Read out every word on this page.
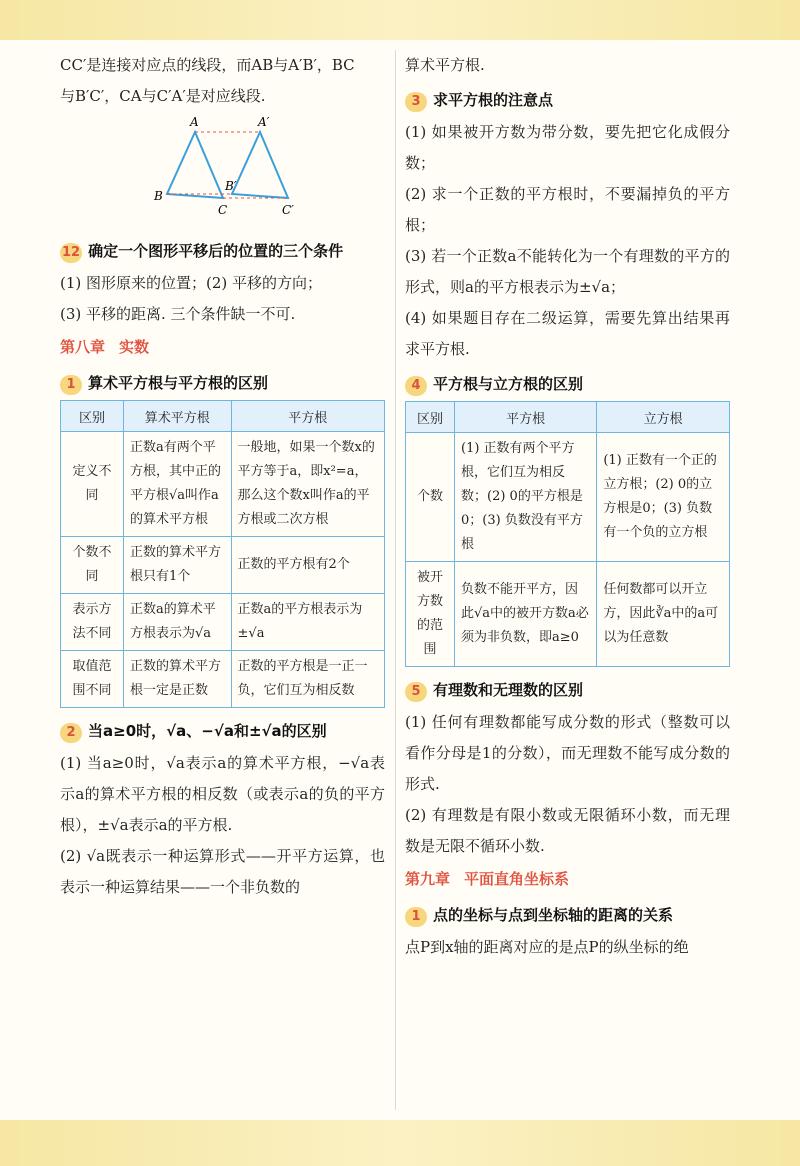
CC′是连接对应点的线段，而AB与A′B′，BC

与B′C′，CA与C′A′是对应线段.

A	A′
B′
B
C	C′
12 确定一个图形平移后的位置的三个条件

(1) 图形原来的位置；(2) 平移的方向；

(3) 平移的距离. 三个条件缺一不可.

第八章 实数
1 算术平方根与平方根的区别
区别	算术平方根	平方根
定义不同	正数a有两个平方根，其中正的平方根√a叫作a的算术平方根	一般地，如果一个数x的平方等于a，即x²=a，那么这个数x叫作a的平方根或二次方根
个数不同	正数的算术平方根只有1个	正数的平方根有2个
表示方法不同	正数a的算术平方根表示为√a	正数a的平方根表示为±√a
取值范围不同	正数的算术平方根一定是正数	正数的平方根是一正一负，它们互为相反数
2 当a≥0时，√a、−√a和±√a的区别

(1) 当a≥0时，√a表示a的算术平方根，−√a表示a的算术平方根的相反数（或表示a的负的平方根），±√a表示a的平方根.

(2) √a既表示一种运算形式——开平方运算，也表示一种运算结果——一个非负数的

算术平方根.

3 求平方根的注意点

(1) 如果被开方数为带分数，要先把它化成假分数；

(2) 求一个正数的平方根时，不要漏掉负的平方根；

(3) 若一个正数a不能转化为一个有理数的平方的形式，则a的平方根表示为±√a；

(4) 如果题目存在二级运算，需要先算出结果再求平方根.

4 平方根与立方根的区别
区别	平方根	立方根
个数	(1) 正数有两个平方根，它们互为相反数；(2) 0的平方根是0；(3) 负数没有平方根	(1) 正数有一个正的立方根；(2) 0的立方根是0；(3) 负数有一个负的立方根
被开方数的范围	负数不能开平方，因此√a中的被开方数a必须为非负数，即a≥0	任何数都可以开立方，因此∛a中的a可以为任意数
5 有理数和无理数的区别

(1) 任何有理数都能写成分数的形式（整数可以看作分母是1的分数），而无理数不能写成分数的形式.

(2) 有理数是有限小数或无限循环小数，而无理数是无限不循环小数.

第九章 平面直角坐标系
1 点的坐标与点到坐标轴的距离的关系

点P到x轴的距离对应的是点P的纵坐标的绝
